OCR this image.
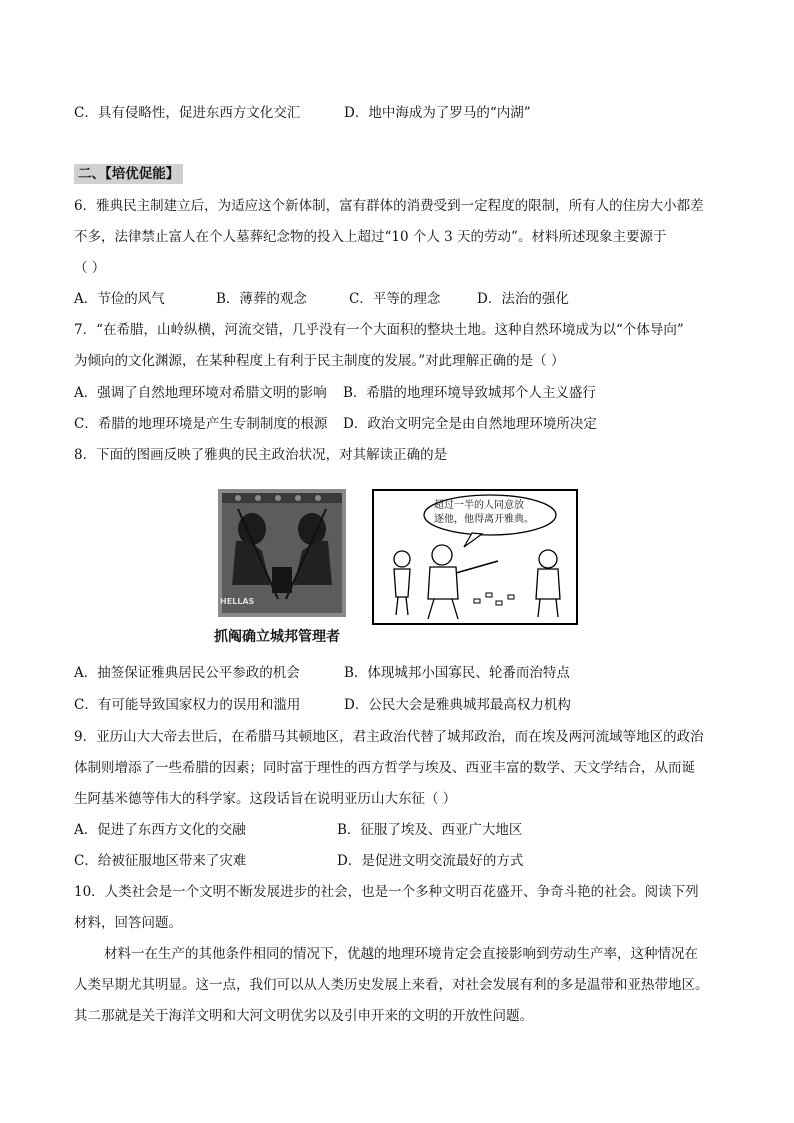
C．具有侵略性，促进东西方文化交汇	D．地中海成为了罗马的“内湖”
二、【培优促能】
6．雅典民主制建立后，为适应这个新体制，富有群体的消费受到一定程度的限制，所有人的住房大小都差
不多，法律禁止富人在个人墓葬纪念物的投入上超过“10 个人 3 天的劳动”。材料所述现象主要源于
（ ）
A．节俭的风气	B．薄葬的观念	C．平等的理念	D．法治的强化
7．“在希腊，山岭纵横，河流交错，几乎没有一个大面积的整块土地。这种自然环境成为以“个体导向”
为倾向的文化渊源，在某种程度上有利于民主制度的发展。”对此理解正确的是（ ）
A．强调了自然地理环境对希腊文明的影响 B．希腊的地理环境导致城邦个人主义盛行
C．希腊的地理环境是产生专制制度的根源 D．政治文明完全是由自然地理环境所决定
8．下面的图画反映了雅典的民主政治状况，对其解读正确的是
HELLAS
超过一半的人同意放
逐他，他得离开雅典。
抓阄确立城邦管理者
A．抽签保证雅典居民公平参政的机会	B．体现城邦小国寡民、轮番而治特点
C．有可能导致国家权力的误用和滥用	D．公民大会是雅典城邦最高权力机构
9．亚历山大大帝去世后，在希腊马其顿地区，君主政治代替了城邦政治，而在埃及两河流域等地区的政治
体制则增添了一些希腊的因素；同时富于理性的西方哲学与埃及、西亚丰富的数学、天文学结合，从而诞
生阿基米德等伟大的科学家。这段话旨在说明亚历山大东征（ ）
A．促进了东西方文化的交融	B．征服了埃及、西亚广大地区
C．给被征服地区带来了灾难	D．是促进文明交流最好的方式
10．人类社会是一个文明不断发展进步的社会，也是一个多种文明百花盛开、争奇斗艳的社会。阅读下列
材料，回答问题。
材料一在生产的其他条件相同的情况下，优越的地理环境肯定会直接影响到劳动生产率，这种情况在
人类早期尤其明显。这一点，我们可以从人类历史发展上来看，对社会发展有利的多是温带和亚热带地区。
其二那就是关于海洋文明和大河文明优劣以及引申开来的文明的开放性问题。
